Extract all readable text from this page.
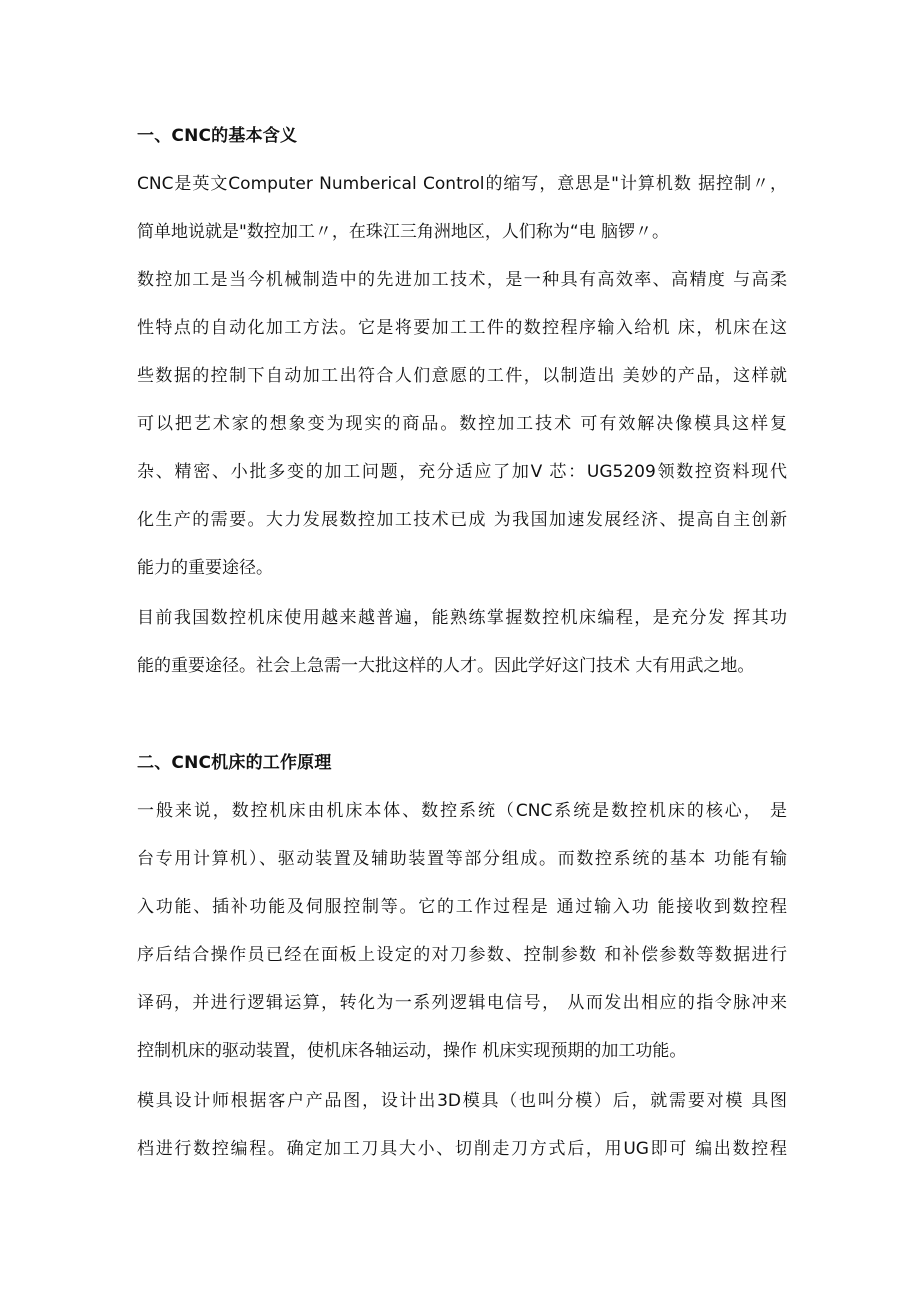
一、CNC的基本含义
CNC是英文Computer Numberical Control的缩写，意思是"计算机数 据控制〃，
简单地说就是"数控加工〃，在珠江三角洲地区，人们称为“电 脑锣〃。
数控加工是当今机械制造中的先进加工技术，是一种具有高效率、高精度 与高柔
性特点的自动化加工方法。它是将要加工工件的数控程序输入给机 床，机床在这
些数据的控制下自动加工出符合人们意愿的工件，以制造出 美妙的产品，这样就
可以把艺术家的想象变为现实的商品。数控加工技术 可有效解决像模具这样复
杂、精密、小批多变的加工问题，充分适应了加V 芯：UG5209领数控资料现代
化生产的需要。大力发展数控加工技术已成 为我国加速发展经济、提高自主创新
能力的重要途径。
目前我国数控机床使用越来越普遍，能熟练掌握数控机床编程，是充分发 挥其功
能的重要途径。社会上急需一大批这样的人才。因此学好这门技术 大有用武之地。
二、CNC机床的工作原理
一般来说，数控机床由机床本体、数控系统（CNC系统是数控机床的核心， 是
台专用计算机）、驱动装置及辅助装置等部分组成。而数控系统的基本 功能有输
入功能、插补功能及伺服控制等。它的工作过程是 通过输入功 能接收到数控程
序后结合操作员已经在面板上设定的对刀参数、控制参数 和补偿参数等数据进行
译码，并进行逻辑运算，转化为一系列逻辑电信号， 从而发出相应的指令脉冲来
控制机床的驱动装置，使机床各轴运动，操作 机床实现预期的加工功能。
模具设计师根据客户产品图，设计出3D模具（也叫分模）后，就需要对模 具图
档进行数控编程。确定加工刀具大小、切削走刀方式后，用UG即可 编出数控程
